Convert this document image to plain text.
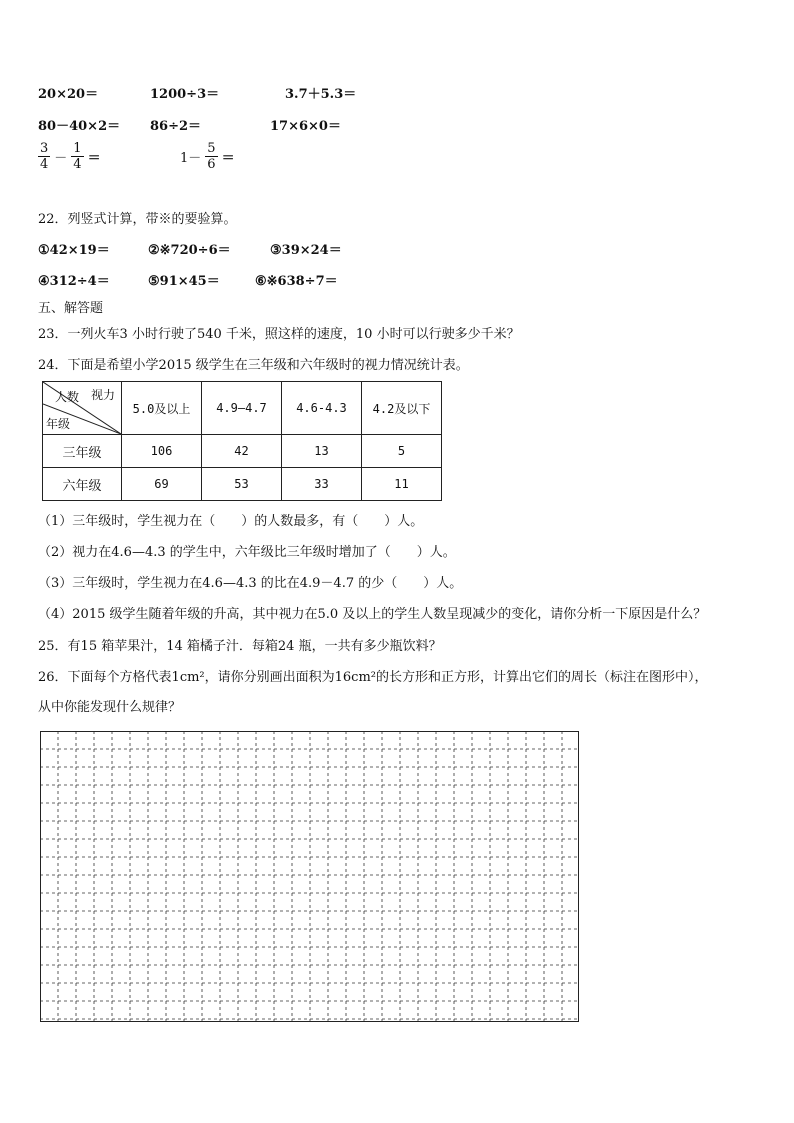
20×20＝	1200÷3＝	3.7＋5.3＝
80－40×2＝ 86÷2＝	17×6×0＝
$\frac{3}{4} - \frac{1}{4}$ ＝	$1- \frac{5}{6}$ ＝
22．列竖式计算，带※的要验算。
①42×19＝	②※720÷6＝	③39×24＝
④312÷4＝	⑤91×45＝	⑥※638÷7＝
五、解答题
23．一列火车3 小时行驶了540 千米，照这样的速度，10 小时可以行驶多少千米？
24．下面是希望小学2015 级学生在三年级和六年级时的视力情况统计表。
人数 视力
年级	5.0及以上	4.9—4.7	4.6-4.3	4.2及以下
三年级	106	42	13	5
六年级	69	53	33	11
（1）三年级时，学生视力在（　　）的人数最多，有（　　）人。
（2）视力在4.6—4.3 的学生中，六年级比三年级时增加了（　　）人。
（3）三年级时，学生视力在4.6—4.3 的比在4.9－4.7 的少（　　）人。
（4）2015 级学生随着年级的升高，其中视力在5.0 及以上的学生人数呈现减少的变化，请你分析一下原因是什么？
25．有15 箱苹果汁，14 箱橘子汁．每箱24 瓶，一共有多少瓶饮料？
26．下面每个方格代表1cm²，请你分别画出面积为16cm²的长方形和正方形，计算出它们的周长（标注在图形中），
从中你能发现什么规律？
